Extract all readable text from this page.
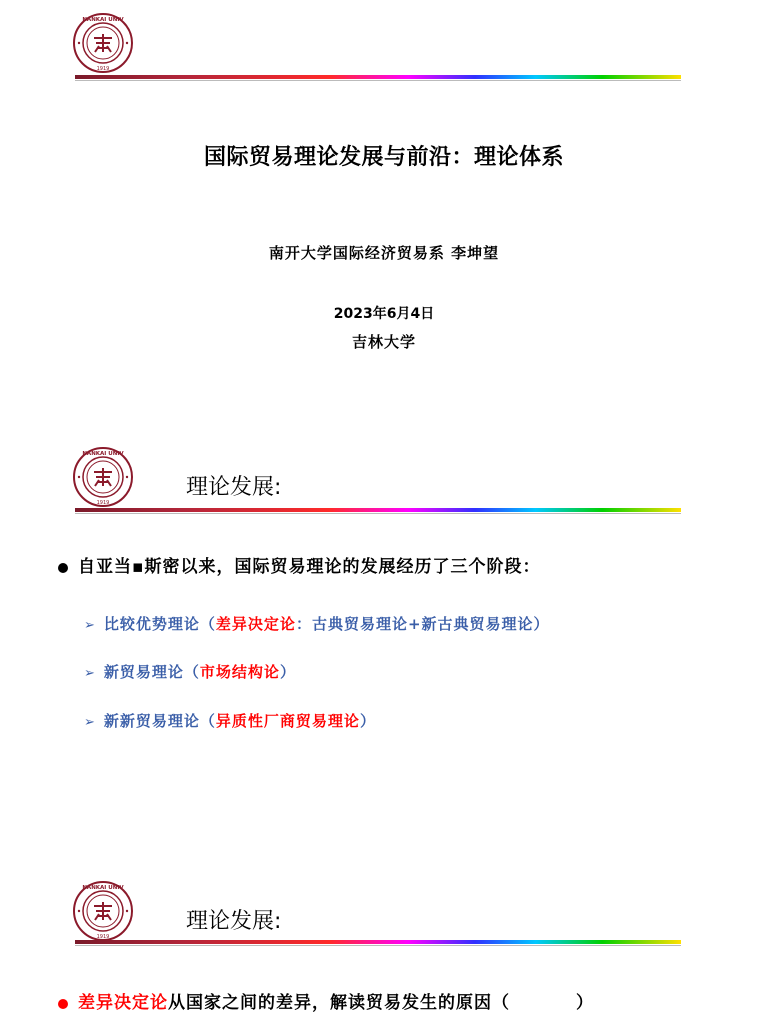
NANKAI UNIV
1919
国际贸易理论发展与前沿：理论体系
南开大学国际经济贸易系 李坤望
2023年6月4日
吉林大学
NANKAI UNIV
1919
理论发展:
自亚当▪斯密以来，国际贸易理论的发展经历了三个阶段：
➢ 比较优势理论（差异决定论：古典贸易理论+新古典贸易理论）
➢ 新贸易理论（市场结构论）
➢ 新新贸易理论（异质性厂商贸易理论）
NANKAI UNIV
1919
理论发展:
差异决定论从国家之间的差异，解读贸易发生的原因（	）
